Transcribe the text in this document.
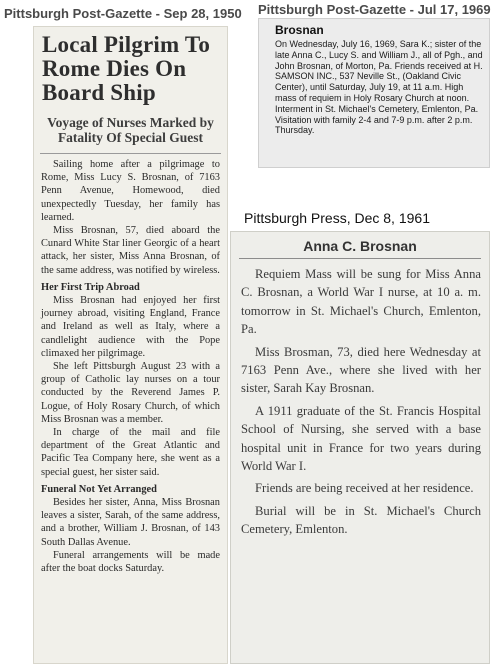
Pittsburgh Post-Gazette - Sep 28, 1950 Pittsburgh Post-Gazette - Jul 17, 1969
Pittsburgh Press, Dec 8, 1961
Local Pilgrim To Rome Dies On Board Ship
Voyage of Nurses Marked by Fatality Of Special Guest

Sailing home after a pilgrimage to Rome, Miss Lucy S. Brosnan, of 7163 Penn Avenue, Homewood, died unexpectedly Tuesday, her family has learned.

Miss Brosnan, 57, died aboard the Cunard White Star liner Georgic of a heart attack, her sister, Miss Anna Brosnan, of the same address, was notified by wireless.

Her First Trip Abroad

Miss Brosnan had enjoyed her first journey abroad, visiting England, France and Ireland as well as Italy, where a candlelight audience with the Pope climaxed her pilgrimage.

She left Pittsburgh August 23 with a group of Catholic lay nurses on a tour conducted by the Reverend James P. Logue, of Holy Rosary Church, of which Miss Brosnan was a member.

In charge of the mail and file department of the Great Atlantic and Pacific Tea Company here, she went as a special guest, her sister said.

Funeral Not Yet Arranged

Besides her sister, Anna, Miss Brosnan leaves a sister, Sarah, of the same address, and a brother, William J. Brosnan, of 143 South Dallas Avenue.

Funeral arrangements will be made after the boat docks Saturday.

Brosnan
On Wednesday, July 16, 1969, Sara K.; sister of the late Anna C., Lucy S. and William J., all of Pgh., and John Brosnan, of Morton, Pa. Friends received at H. SAMSON INC., 537 Neville St., (Oakland Civic Center), until Saturday, July 19, at 11 a.m. High mass of requiem in Holy Rosary Church at noon. Interment in St. Michael's Cemetery, Emlenton, Pa. Visitation with family 2-4 and 7-9 p.m. after 2 p.m. Thursday.
Anna C. Brosnan

Requiem Mass will be sung for Miss Anna C. Brosnan, a World War I nurse, at 10 a. m. tomorrow in St. Michael's Church, Emlenton, Pa.

Miss Brosman, 73, died here Wednesday at 7163 Penn Ave., where she lived with her sister, Sarah Kay Brosnan.

A 1911 graduate of the St. Francis Hospital School of Nursing, she served with a base hospital unit in France for two years during World War I.

Friends are being received at her residence.

Burial will be in St. Michael's Church Cemetery, Emlenton.
